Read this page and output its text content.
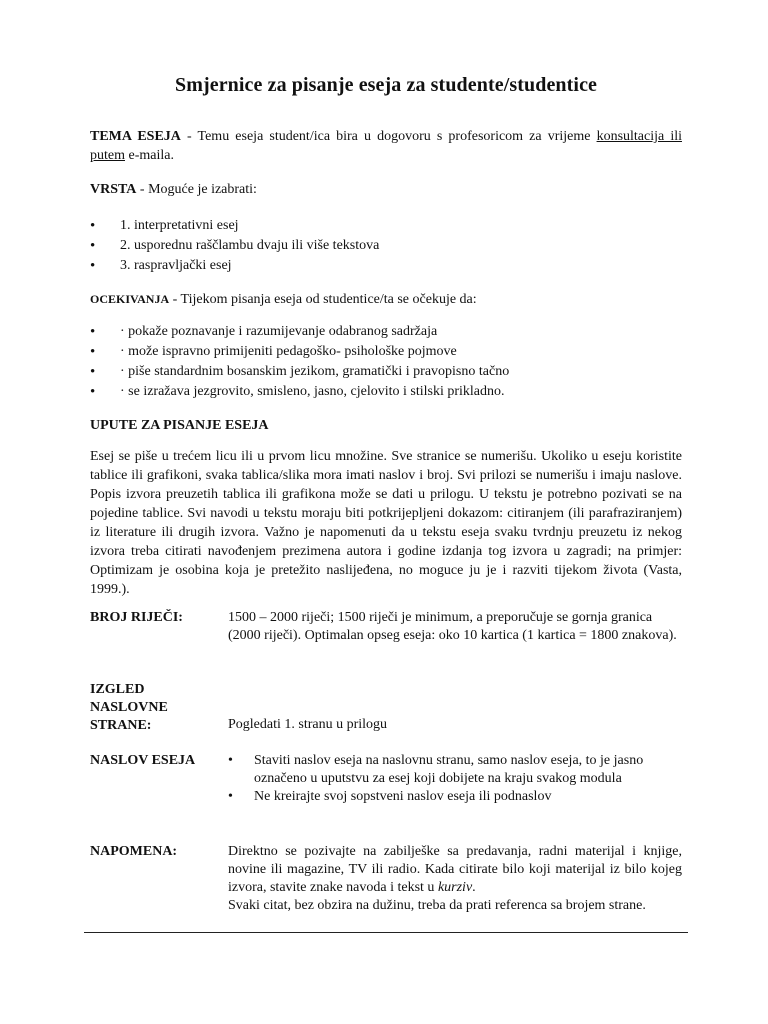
Smjernice za pisanje eseja za studente/studentice

TEMA ESEJA - Temu eseja student/ica bira u dogovoru s profesoricom za vrijeme konsultacija ili putem e-maila.

VRSTA - Moguće je izabrati:

• 1. interpretativni esej
• 2. usporednu raščlambu dvaju ili više tekstova
• 3. raspravljački esej

OCEKIVANJA - Tijekom pisanja eseja od studentice/ta se očekuje da:

• · pokaže poznavanje i razumijevanje odabranog sadržaja
• · može ispravno primijeniti pedagoško- psihološke pojmove
• · piše standardnim bosanskim jezikom, gramatički i pravopisno tačno
• · se izražava jezgrovito, smisleno, jasno, cjelovito i stilski prikladno.

UPUTE ZA PISANJE ESEJA

Esej se piše u trećem licu ili u prvom licu množine. Sve stranice se numerišu. Ukoliko u eseju koristite tablice ili grafikoni, svaka tablica/slika mora imati naslov i broj. Svi prilozi se numerišu i imaju naslove. Popis izvora preuzetih tablica ili grafikona može se dati u prilogu. U tekstu je potrebno pozivati se na pojedine tablice. Svi navodi u tekstu moraju biti potkrijepljeni dokazom: citiranjem (ili parafraziranjem) iz literature ili drugih izvora. Važno je napomenuti da u tekstu eseja svaku tvrdnju preuzetu iz nekog izvora treba citirati navođenjem prezimena autora i godine izdanja tog izvora u zagradi; na primjer: Optimizam je osobina koja je pretežito naslijeđena, no moguce ju je i razviti tijekom života (Vasta, 1999.).

BROJ RIJEČI:	1500 – 2000 riječi; 1500 riječi je minimum, a preporučuje se gornja granica (2000 riječi). Optimalan opseg eseja: oko 10 kartica (1 kartica = 1800 znakova).
IZGLED NASLOVNE STRANE:	Pogledati 1. stranu u prilogu
NASLOV ESEJA
•	Staviti naslov eseja na naslovnu stranu, samo naslov eseja, to je jasno označeno u uputstvu za esej koji dobijete na kraju svakog modula
• Ne kreirajte svoj sopstveni naslov eseja ili podnaslov
NAPOMENA:	Direktno se pozivajte na zabilješke sa predavanja, radni materijal i knjige, novine ili magazine, TV ili radio. Kada citirate bilo koji materijal iz bilo kojeg izvora, stavite znake navoda i tekst u kurziv.
Svaki citat, bez obzira na dužinu, treba da prati referenca sa brojem strane.
